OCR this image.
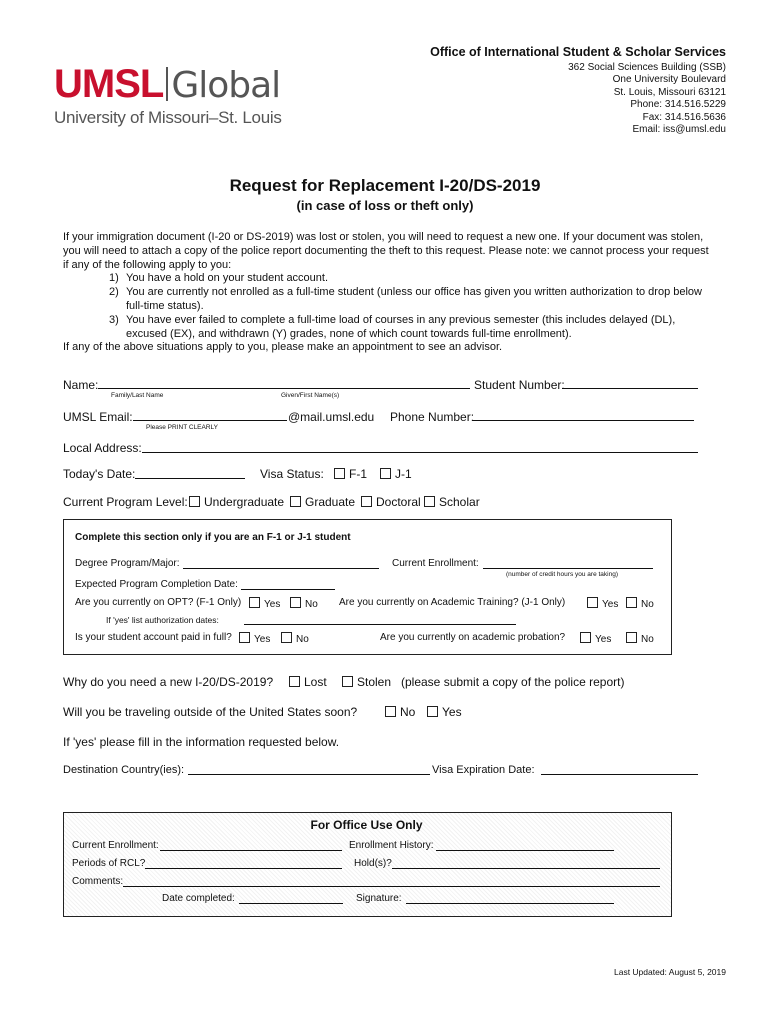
UMSL Global
University of Missouri–St. Louis
Office of International Student & Scholar Services
362 Social Sciences Building (SSB)
One University Boulevard
St. Louis, Missouri 63121
Phone: 314.516.5229
Fax: 314.516.5636
Email: iss@umsl.edu
Request for Replacement I-20/DS-2019
(in case of loss or theft only)
If your immigration document (I-20 or DS-2019) was lost or stolen, you will need to request a new one. If your document was stolen, you will need to attach a copy of the police report documenting the theft to this request. Please note: we cannot process your request if any of the following apply to you:
1) You have a hold on your student account.
2) You are currently not enrolled as a full-time student (unless our office has given you written authorization to drop below full-time status).
3) You have ever failed to complete a full-time load of courses in any previous semester (this includes delayed (DL), excused (EX), and withdrawn (Y) grades, none of which count towards full-time enrollment).
If any of the above situations apply to you, please make an appointment to see an advisor.
Name:
Family/Last Name	Given/First Name(s)
Student Number:
UMSL Email:	@mail.umsl.edu
Please PRINT CLEARLY
Phone Number:
Local Address:
Today's Date:	Visa Status:	F-1	J-1
Current Program Level:	Undergraduate	Graduate	Doctoral	Scholar
Complete this section only if you are an F-1 or J-1 student
Degree Program/Major:	Current Enrollment:
(number of credit hours you are taking)
Expected Program Completion Date:
Are you currently on OPT? (F-1 Only)	Yes	No Are you currently on Academic Training? (J-1 Only)	Yes	No
If 'yes' list authorization dates:
Is your student account paid in full?	Yes	No	Are you currently on academic probation?	Yes	No
Why do you need a new I-20/DS-2019?	Lost	Stolen (please submit a copy of the police report)
Will you be traveling outside of the United States soon?	No	Yes
If 'yes' please fill in the information requested below.
Destination Country(ies):	Visa Expiration Date:
For Office Use Only
Current Enrollment:	Enrollment History:
Periods of RCL?	Hold(s)?
Comments:
Date completed:	Signature:
Last Updated: August 5, 2019
